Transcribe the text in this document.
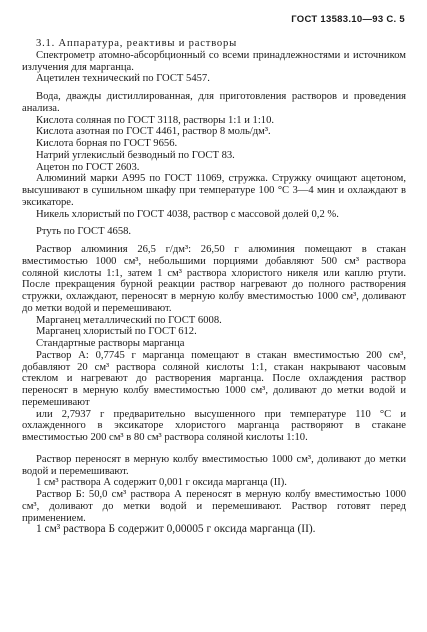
ГОСТ 13583.10—93 С. 5

3.1. Аппаратура, реактивы и растворы

Спектрометр атомно-абсорбционный со всеми принадлежностями и источником излучения для марганца.

Ацетилен технический по ГОСТ 5457.

Вода, дважды дистиллированная, для приготовления растворов и проведения анализа.

Кислота соляная по ГОСТ 3118, растворы 1:1 и 1:10.

Кислота азотная по ГОСТ 4461, раствор 8 моль/дм³.

Кислота борная по ГОСТ 9656.

Натрий углекислый безводный по ГОСТ 83.

Ацетон по ГОСТ 2603.

Алюминий марки А995 по ГОСТ 11069, стружка. Стружку очищают ацетоном, высушивают в сушильном шкафу при температуре 100 °С 3—4 мин и охлаждают в эксикаторе.

Никель хлористый по ГОСТ 4038, раствор с массовой долей 0,2 %.

Ртуть по ГОСТ 4658.

Раствор алюминия 26,5 г/дм³: 26,50 г алюминия помещают в стакан вместимостью 1000 см³, небольшими порциями добавляют 500 см³ раствора соляной кислоты 1:1, затем 1 см³ раствора хлористого никеля или каплю ртути. После прекращения бурной реакции раствор нагревают до полного растворения стружки, охлаждают, переносят в мерную колбу вместимостью 1000 см³, доливают до метки водой и перемешивают.

Марганец металлический по ГОСТ 6008.

Марганец хлористый по ГОСТ 612.

Стандартные растворы марганца

Раствор А: 0,7745 г марганца помещают в стакан вместимостью 200 см³, добавляют 20 см³ раствора соляной кислоты 1:1, стакан накрывают часовым стеклом и нагревают до растворения марганца. После охлаждения раствор переносят в мерную колбу вместимостью 1000 см³, доливают до метки водой и перемешивают

или 2,7937 г предварительно высушенного при температуре 110 °С и охлажденного в эксикаторе хлористого марганца растворяют в стакане вместимостью 200 см³ в 80 см³ раствора соляной кислоты 1:10.

Раствор переносят в мерную колбу вместимостью 1000 см³, доливают до метки водой и перемешивают.

1 см³ раствора А содержит 0,001 г оксида марганца (II).

Раствор Б: 50,0 см³ раствора А переносят в мерную колбу вместимостью 1000 см³, доливают до метки водой и перемешивают. Раствор готовят перед применением.

1 см³ раствора Б содержит 0,00005 г оксида марганца (II).
